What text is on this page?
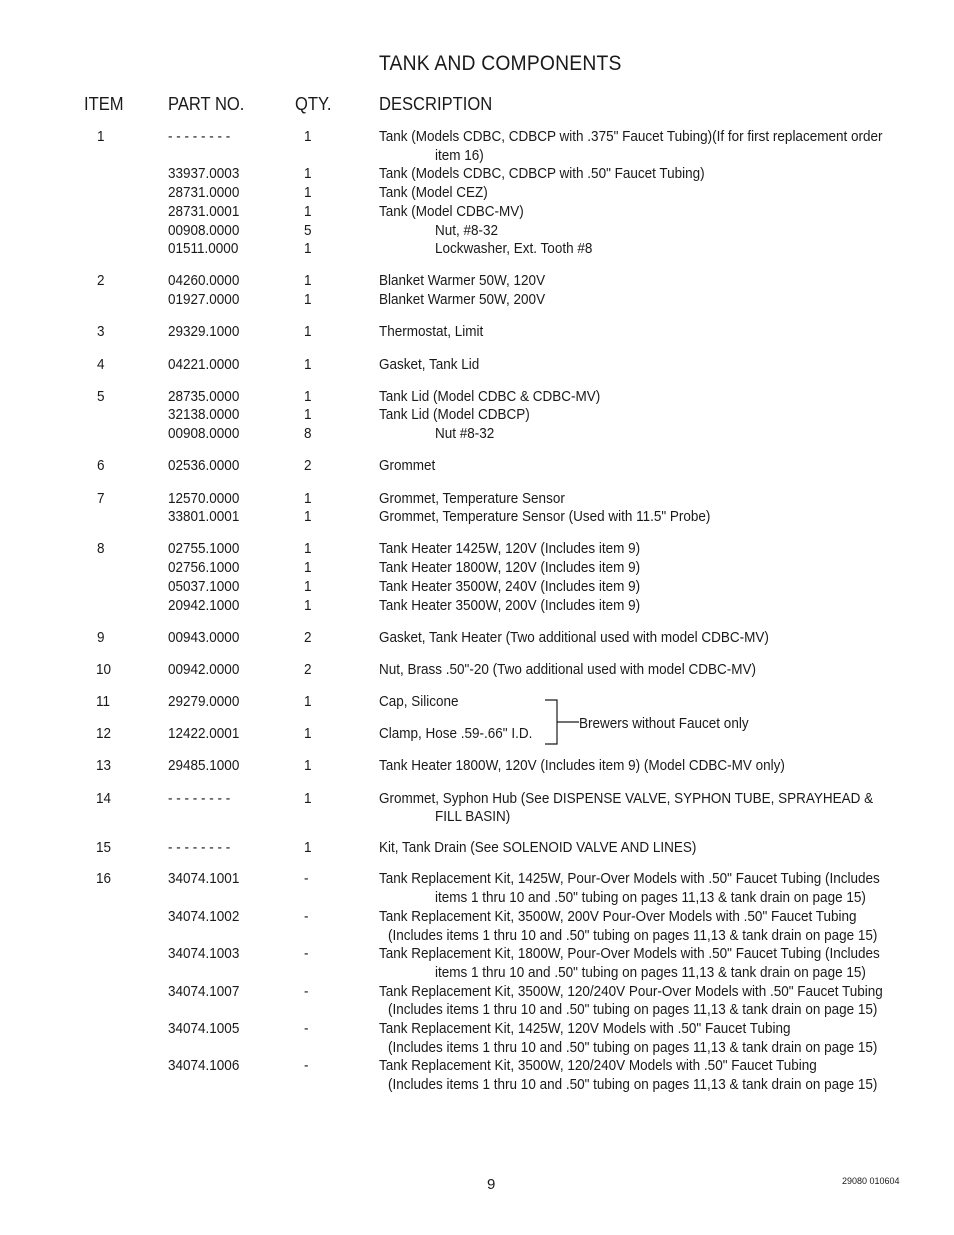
TANK AND COMPONENTS
ITEM PART NO.	QTY.	DESCRIPTION
1	- - - - - - - -	1	Tank (Models CDBC, CDBCP with .375" Faucet Tubing)(If for first replacement order
item 16)
33937.0003	1	Tank (Models CDBC, CDBCP with .50" Faucet Tubing)
28731.0000	1	Tank (Model CEZ)
28731.0001	1	Tank (Model CDBC-MV)
00908.0000	5	Nut, #8-32
01511.0000	1	Lockwasher, Ext. Tooth #8
2	04260.0000	1	Blanket Warmer 50W, 120V
01927.0000	1	Blanket Warmer 50W, 200V
3	29329.1000	1	Thermostat, Limit
4	04221.0000	1	Gasket, Tank Lid
5	28735.0000	1	Tank Lid (Model CDBC & CDBC-MV)
32138.0000	1	Tank Lid (Model CDBCP)
00908.0000	8	Nut #8-32
6	02536.0000	2	Grommet
7	12570.0000	1	Grommet, Temperature Sensor
33801.0001	1	Grommet, Temperature Sensor (Used with 11.5" Probe)
8	02755.1000	1	Tank Heater 1425W, 120V (Includes item 9)
02756.1000	1	Tank Heater 1800W, 120V (Includes item 9)
05037.1000	1	Tank Heater 3500W, 240V (Includes item 9)
20942.1000	1	Tank Heater 3500W, 200V (Includes item 9)
9	00943.0000	2	Gasket, Tank Heater (Two additional used with model CDBC-MV)
10	00942.0000	2	Nut, Brass .50"-20 (Two additional used with model CDBC-MV)
11	29279.0000	1	Cap, Silicone
12	12422.0001	1	Clamp, Hose .59-.66" I.D.
Brewers without Faucet only
13	29485.1000	1	Tank Heater 1800W, 120V (Includes item 9) (Model CDBC-MV only)
14	- - - - - - - -	1	Grommet, Syphon Hub (See DISPENSE VALVE, SYPHON TUBE, SPRAYHEAD &
FILL BASIN)
15	- - - - - - - -	1	Kit, Tank Drain (See SOLENOID VALVE AND LINES)
16	34074.1001	-	Tank Replacement Kit, 1425W, Pour-Over Models with .50" Faucet Tubing (Includes
items 1 thru 10 and .50" tubing on pages 11,13 & tank drain on page 15)
34074.1002	-	Tank Replacement Kit, 3500W, 200V Pour-Over Models with .50" Faucet Tubing
(Includes items 1 thru 10 and .50" tubing on pages 11,13 & tank drain on page 15)
34074.1003	-	Tank Replacement Kit, 1800W, Pour-Over Models with .50" Faucet Tubing (Includes
items 1 thru 10 and .50" tubing on pages 11,13 & tank drain on page 15)
34074.1007	-	Tank Replacement Kit, 3500W, 120/240V Pour-Over Models with .50" Faucet Tubing
(Includes items 1 thru 10 and .50" tubing on pages 11,13 & tank drain on page 15)
34074.1005	-	Tank Replacement Kit, 1425W, 120V Models with .50" Faucet Tubing
(Includes items 1 thru 10 and .50" tubing on pages 11,13 & tank drain on page 15)
34074.1006	-	Tank Replacement Kit, 3500W, 120/240V Models with .50" Faucet Tubing
(Includes items 1 thru 10 and .50" tubing on pages 11,13 & tank drain on page 15)
9	29080 010604
